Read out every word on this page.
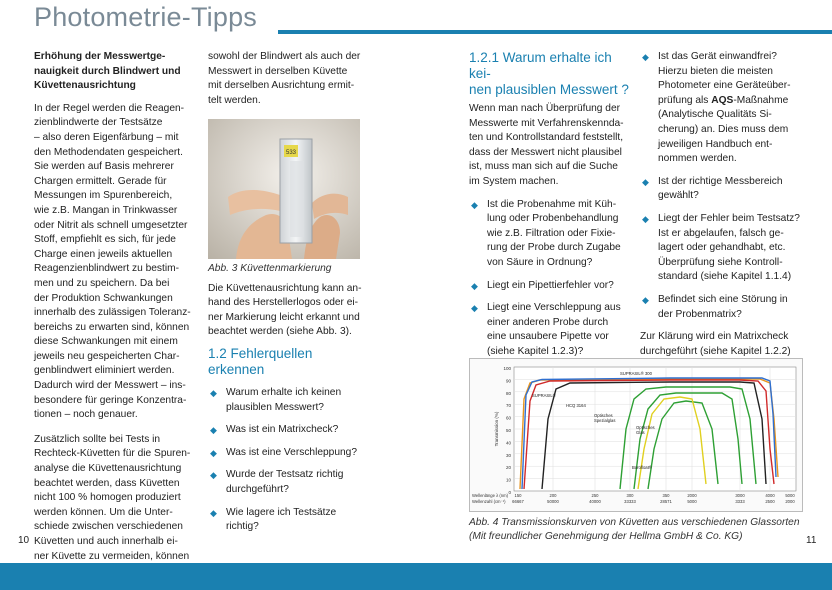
Photometrie-Tipps

Erhöhung der Messwertge-
nauigkeit durch Blindwert und
Küvettenausrichtung

In der Regel werden die Reagen-
zienblindwerte der Testsätze
– also deren Eigenfärbung – mit
den Methodendaten gespeichert.
Sie werden auf Basis mehrerer
Chargen ermittelt. Gerade für
Messungen im Spurenbereich,
wie z.B. Mangan in Trinkwasser
oder Nitrit als schnell umgesetzter
Stoff, empfiehlt es sich, für jede
Charge einen jeweils aktuellen
Reagenzienblindwert zu bestim-
men und zu speichern. Da bei
der Produktion Schwankungen
innerhalb des zulässigen Toleranz-
bereichs zu erwarten sind, können
diese Schwankungen mit einem
jeweils neu gespeicherten Char-
genblindwert eliminiert werden.
Dadurch wird der Messwert – ins-
besondere für geringe Konzentra-
tionen – noch genauer.

Zusätzlich sollte bei Tests in
Rechteck-Küvetten für die Spuren-
analyse die Küvettenausrichtung
beachtet werden, dass Küvetten
nicht 100 % homogen produziert
werden können. Um die Unter-
schiede zwischen verschiedenen
Küvetten und auch innerhalb ei-
ner Küvette zu vermeiden, können

sowohl der Blindwert als auch der
Messwert in derselben Küvette
mit derselben Ausrichtung ermit-
telt werden.

533

Abb. 3 Küvettenmarkierung

Die Küvettenausrichtung kann an-
hand des Herstellerlogos oder ei-
ner Markierung leicht erkannt und
beachtet werden (siehe Abb. 3).

1.2 Fehlerquellen
erkennen

◆ Warum erhalte ich keinen
plausiblen Messwert?
◆ Was ist ein Matrixcheck?
◆ Was ist eine Verschleppung?
◆ Wurde der Testsatz richtig
durchgeführt?
◆ Wie lagere ich Testsätze
richtig?

1.2.1 Warum erhalte ich kei-
nen plausiblen Messwert ?

Wenn man nach Überprüfung der
Messwerte mit Verfahrenskennda-
ten und Kontrollstandard feststellt,
dass der Messwert nicht plausibel
ist, muss man sich auf die Suche
im System machen.

◆ Ist die Probenahme mit Küh-
lung oder Probenbehandlung
wie z.B. Filtration oder Fixie-
rung der Probe durch Zugabe
von Säure in Ordnung?
◆ Liegt ein Pipettierfehler vor?
◆ Liegt eine Verschleppung aus
einer anderen Probe durch
eine unsaubere Pipette vor
(siehe Kapitel 1.2.3)?
◆ Ist das Gerät einwandfrei?
Hierzu bieten die meisten
Photometer eine Geräteüber-
prüfung als AQS-Maßnahme
(Analytische Qualitäts Si-
cherung) an. Dies muss dem
jeweiligen Handbuch ent-
nommen werden.
◆ Ist der richtige Messbereich
gewählt?
◆ Liegt der Fehler beim Testsatz?
Ist er abgelaufen, falsch ge-
lagert oder gehandhabt, etc.
Überprüfung siehe Kontroll-
standard (siehe Kapitel 1.1.4)
◆ Befindet sich eine Störung in
der Probenmatrix?

Zur Klärung wird ein Matrixcheck
durchgeführt (siehe Kapitel 1.2.2)

100
90
80
70
60
50
40
30
20
10
0
Transmission (%)
Wellenlänge λ (nm)
Wellenzahl (cm⁻¹)
150	200	250	300	350	2000	3000	4000	5000
66667	50000	40000	33333	28571	5000	3333	2500	2000
SUPRASIL® 300
SUPRASIL®
HCQ 3164
Optisches Spezialglas
Optisches Glas
Borofloat®
Abb. 4 Transmissionskurven von Küvetten aus verschiedenen Glassorten
(Mit freundlicher Genehmigung der Hellma GmbH & Co. KG)
10	11
